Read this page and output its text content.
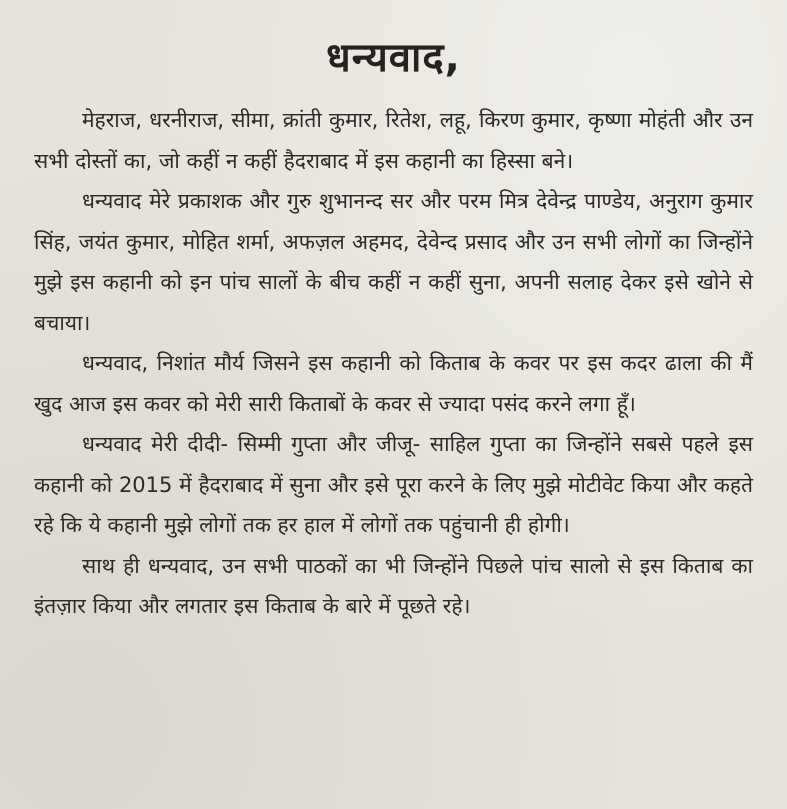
धन्यवाद,

मेहराज, धरनीराज, सीमा, क्रांती कुमार, रितेश, लहू, किरण कुमार, कृष्णा मोहंती और उन सभी दोस्तों का, जो कहीं न कहीं हैदराबाद में इस कहानी का हिस्सा बने।

धन्यवाद मेरे प्रकाशक और गुरु शुभानन्द सर और परम मित्र देवेन्द्र पाण्डेय, अनुराग कुमार सिंह, जयंत कुमार, मोहित शर्मा, अफज़ल अहमद, देवेन्द प्रसाद और उन सभी लोगों का जिन्होंने मुझे इस कहानी को इन पांच सालों के बीच कहीं न कहीं सुना, अपनी सलाह देकर इसे खोने से बचाया।

धन्यवाद, निशांत मौर्य जिसने इस कहानी को किताब के कवर पर इस कदर ढाला की मैं खुद आज इस कवर को मेरी सारी किताबों के कवर से ज्यादा पसंद करने लगा हूँ।

धन्यवाद मेरी दीदी- सिम्मी गुप्ता और जीजू- साहिल गुप्ता का जिन्होंने सबसे पहले इस कहानी को 2015 में हैदराबाद में सुना और इसे पूरा करने के लिए मुझे मोटीवेट किया और कहते रहे कि ये कहानी मुझे लोगों तक हर हाल में लोगों तक पहुंचानी ही होगी।

साथ ही धन्यवाद, उन सभी पाठकों का भी जिन्होंने पिछले पांच सालो से इस किताब का इंतज़ार किया और लगतार इस किताब के बारे में पूछते रहे।
